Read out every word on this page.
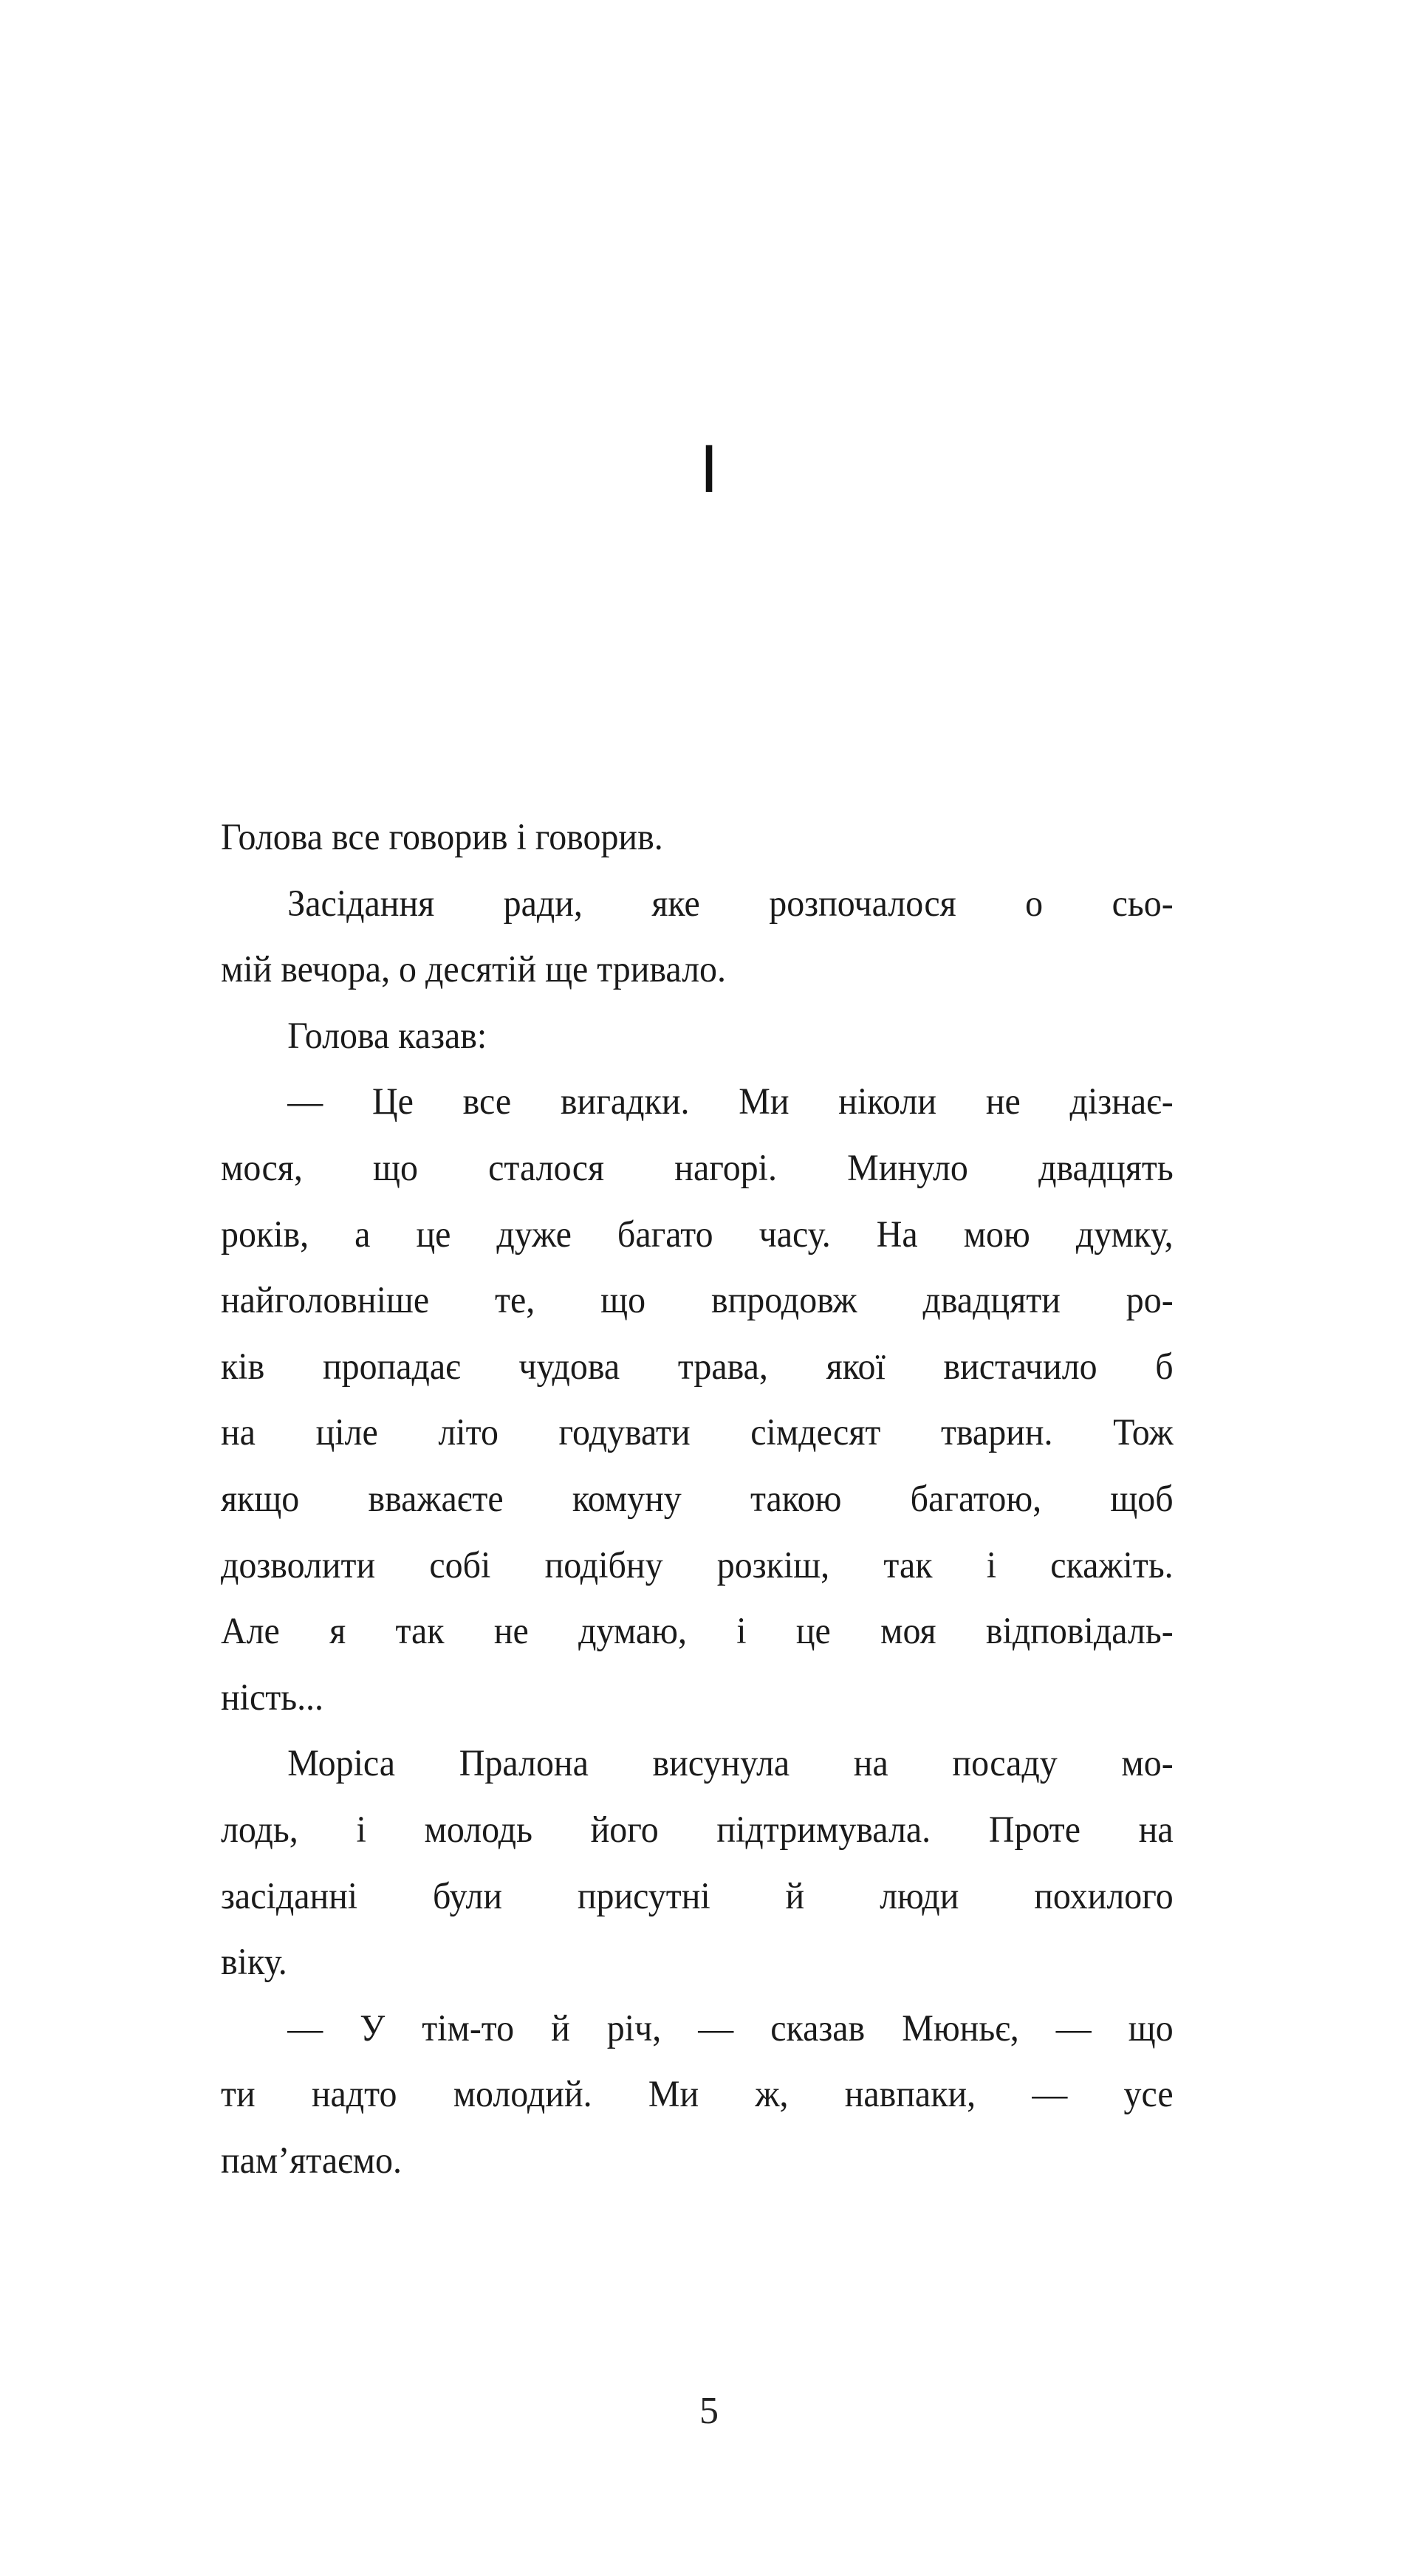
I
Голова все говорив і говорив.
Засідання ради, яке розпочалося о сьо-
мій вечора, о десятій ще тривало.
Голова казав:
— Це все вигадки. Ми ніколи не дізнає-
мося, що сталося нагорі. Минуло двадцять
років, а це дуже багато часу. На мою думку,
найголовніше те, що впродовж двадцяти ро-
ків пропадає чудова трава, якої вистачило б
на ціле літо годувати сімдесят тварин. Тож
якщо вважаєте комуну такою багатою, щоб
дозволити собі подібну розкіш, так і скажіть.
Але я так не думаю, і це моя відповідаль-
ність...
Моріса Пралона висунула на посаду мо-
лодь, і молодь його підтримувала. Проте на
засіданні були присутні й люди похилого
віку.
— У тім-то й річ, — сказав Мюньє, — що
ти надто молодий. Ми ж, навпаки, — усе
пам’ятаємо.
5
